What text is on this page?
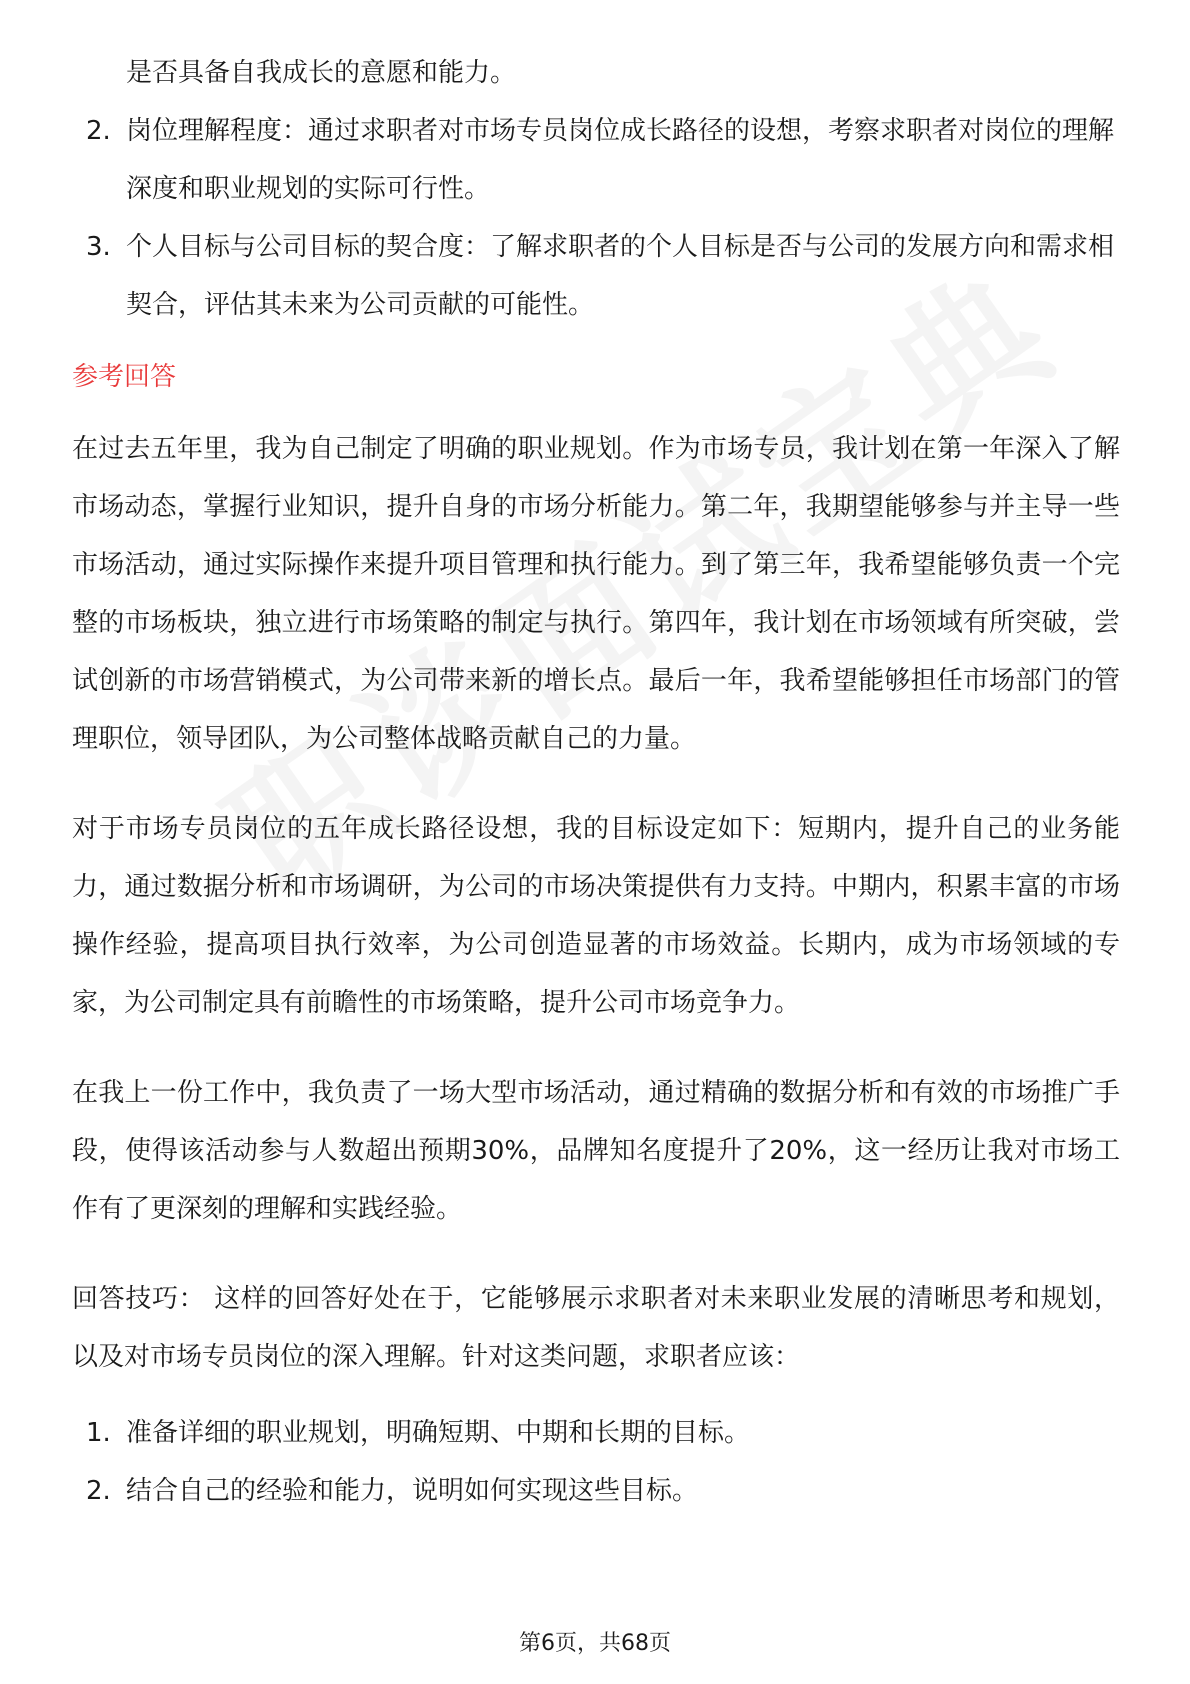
是否具备自我成长的意愿和能力。

2. 岗位理解程度：通过求职者对市场专员岗位成长路径的设想，考察求职者对岗位的理解深度和职业规划的实际可行性。
3. 个人目标与公司目标的契合度：了解求职者的个人目标是否与公司的发展方向和需求相契合，评估其未来为公司贡献的可能性。
参考回答

在过去五年里，我为自己制定了明确的职业规划。作为市场专员，我计划在第一年深入了解市场动态，掌握行业知识，提升自身的市场分析能力。第二年，我期望能够参与并主导一些市场活动，通过实际操作来提升项目管理和执行能力。到了第三年，我希望能够负责一个完整的市场板块，独立进行市场策略的制定与执行。第四年，我计划在市场领域有所突破，尝试创新的市场营销模式，为公司带来新的增长点。最后一年，我希望能够担任市场部门的管理职位，领导团队，为公司整体战略贡献自己的力量。

对于市场专员岗位的五年成长路径设想，我的目标设定如下：短期内，提升自己的业务能力，通过数据分析和市场调研，为公司的市场决策提供有力支持。中期内，积累丰富的市场操作经验，提高项目执行效率，为公司创造显著的市场效益。长期内，成为市场领域的专家，为公司制定具有前瞻性的市场策略，提升公司市场竞争力。

在我上一份工作中，我负责了一场大型市场活动，通过精确的数据分析和有效的市场推广手段，使得该活动参与人数超出预期30%，品牌知名度提升了20%，这一经历让我对市场工作有了更深刻的理解和实践经验。

回答技巧： 这样的回答好处在于，它能够展示求职者对未来职业发展的清晰思考和规划，以及对市场专员岗位的深入理解。针对这类问题，求职者应该：

1. 准备详细的职业规划，明确短期、中期和长期的目标。
2. 结合自己的经验和能力，说明如何实现这些目标。
第6页，共68页
